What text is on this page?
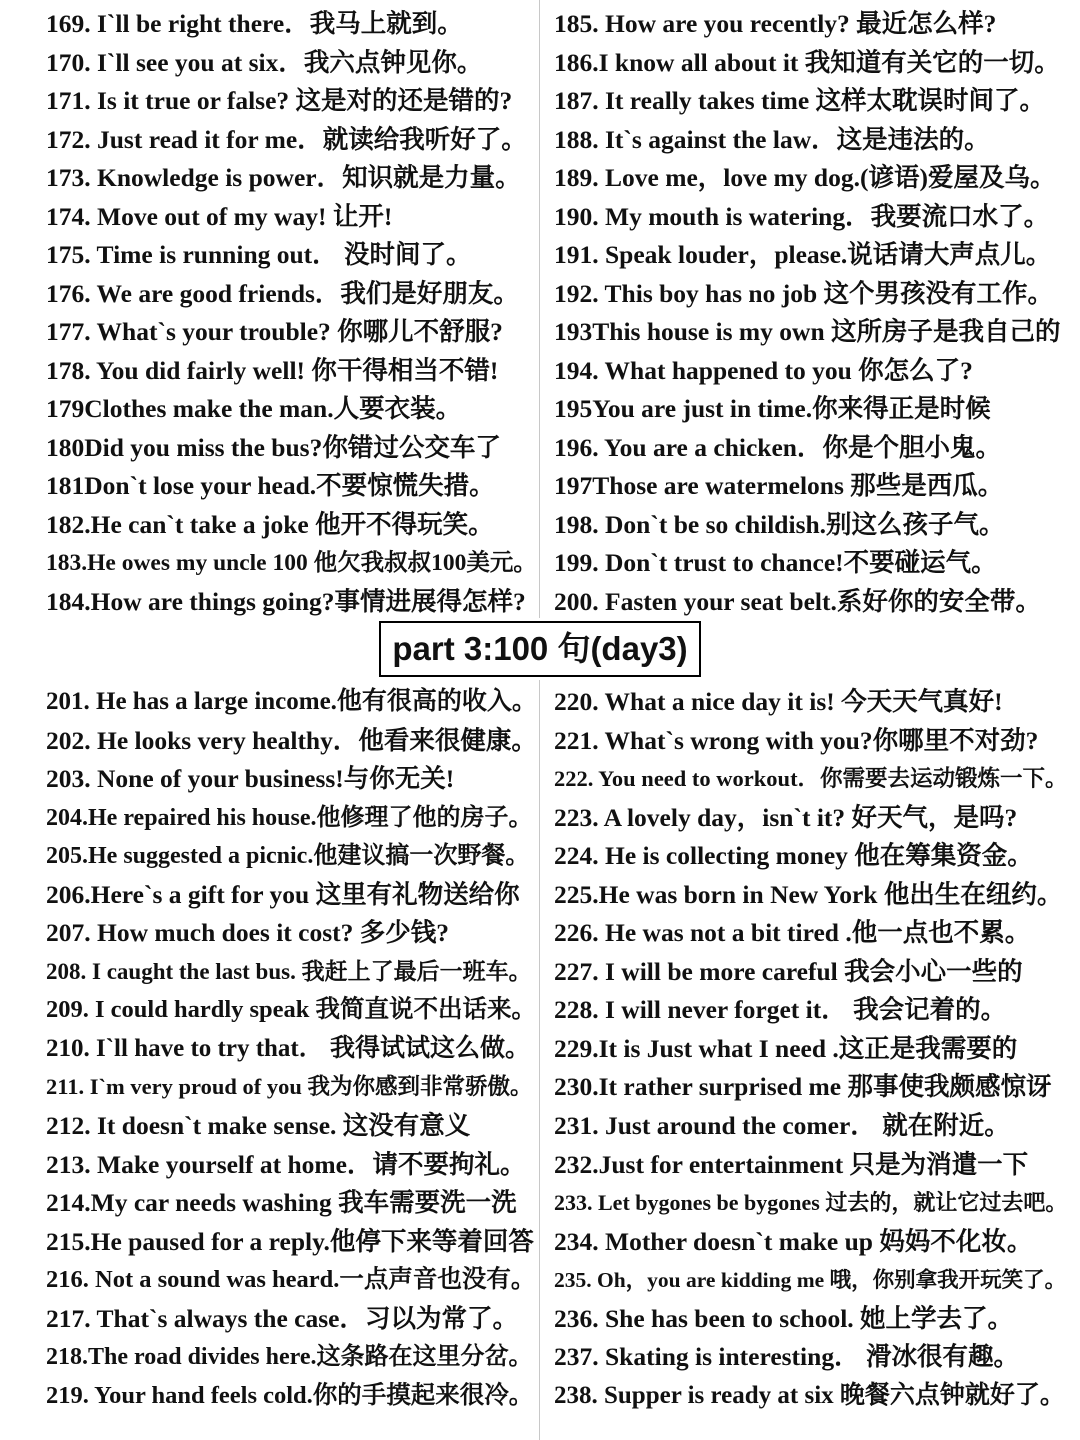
169. I`ll be right there．我马上就到。
170. I`ll see you at six．我六点钟见你。
171. Is it true or false? 这是对的还是错的?
172. Just read it for me．就读给我听好了。
173. Knowledge is power．知识就是力量。
174. Move out of my way! 让开!
175. Time is running out． 没时间了。
176. We are good friends．我们是好朋友。
177. What`s your trouble? 你哪儿不舒服?
178. You did fairly well! 你干得相当不错!
179Clothes make the man.人要衣装。
180Did you miss the bus?你错过公交车了
181Don`t lose your head.不要惊慌失措。
182.He can`t take a joke 他开不得玩笑。
183.He owes my uncle 100 他欠我叔叔100美元。
184.How are things going?事情进展得怎样?
185. How are you recently? 最近怎么样?
186.I know all about it 我知道有关它的一切。
187. It really takes time 这样太耽误时间了。
188. It`s against the law．这是违法的。
189. Love me，love my dog.(谚语)爱屋及乌。
190. My mouth is watering．我要流口水了。
191. Speak louder，please.说话请大声点儿。
192. This boy has no job 这个男孩没有工作。
193This house is my own 这所房子是我自己的
194. What happened to you 你怎么了?
195You are just in time.你来得正是时候
196. You are a chicken．你是个胆小鬼。
197Those are watermelons 那些是西瓜。
198. Don`t be so childish.别这么孩子气。
199. Don`t trust to chance!不要碰运气。
200. Fasten your seat belt.系好你的安全带。
part 3:100 句(day3)
201. He has a large income.他有很高的收入。
202. He looks very healthy．他看来很健康。
203. None of your business!与你无关!
204.He repaired his house.他修理了他的房子。
205.He suggested a picnic.他建议搞一次野餐。
206.Here`s a gift for you 这里有礼物送给你
207. How much does it cost? 多少钱?
208. I caught the last bus. 我赶上了最后一班车。
209. I could hardly speak 我简直说不出话来。
210. I`ll have to try that． 我得试试这么做。
211. I`m very proud of you 我为你感到非常骄傲。
212. It doesn`t make sense. 这没有意义
213. Make yourself at home．请不要拘礼。
214.My car needs washing 我车需要洗一洗
215.He paused for a reply.他停下来等着回答
216. Not a sound was heard.一点声音也没有。
217. That`s always the case．习以为常了。
218.The road divides here.这条路在这里分岔。
219. Your hand feels cold.你的手摸起来很冷。
220. What a nice day it is! 今天天气真好!
221. What`s wrong with you?你哪里不对劲?
222. You need to workout．你需要去运动锻炼一下。
223. A lovely day，isn`t it? 好天气，是吗?
224. He is collecting money 他在筹集资金。
225.He was born in New York 他出生在纽约。
226. He was not a bit tired .他一点也不累。
227. I will be more careful 我会小心一些的
228. I will never forget it． 我会记着的。
229.It is Just what I need .这正是我需要的
230.It rather surprised me 那事使我颇感惊讶
231. Just around the comer． 就在附近。
232.Just for entertainment 只是为消遣一下
233. Let bygones be bygones 过去的，就让它过去吧。
234. Mother doesn`t make up 妈妈不化妆。
235. Oh，you are kidding me 哦，你别拿我开玩笑了。
236. She has been to school. 她上学去了。
237. Skating is interesting． 滑冰很有趣。
238. Supper is ready at six 晚餐六点钟就好了。
